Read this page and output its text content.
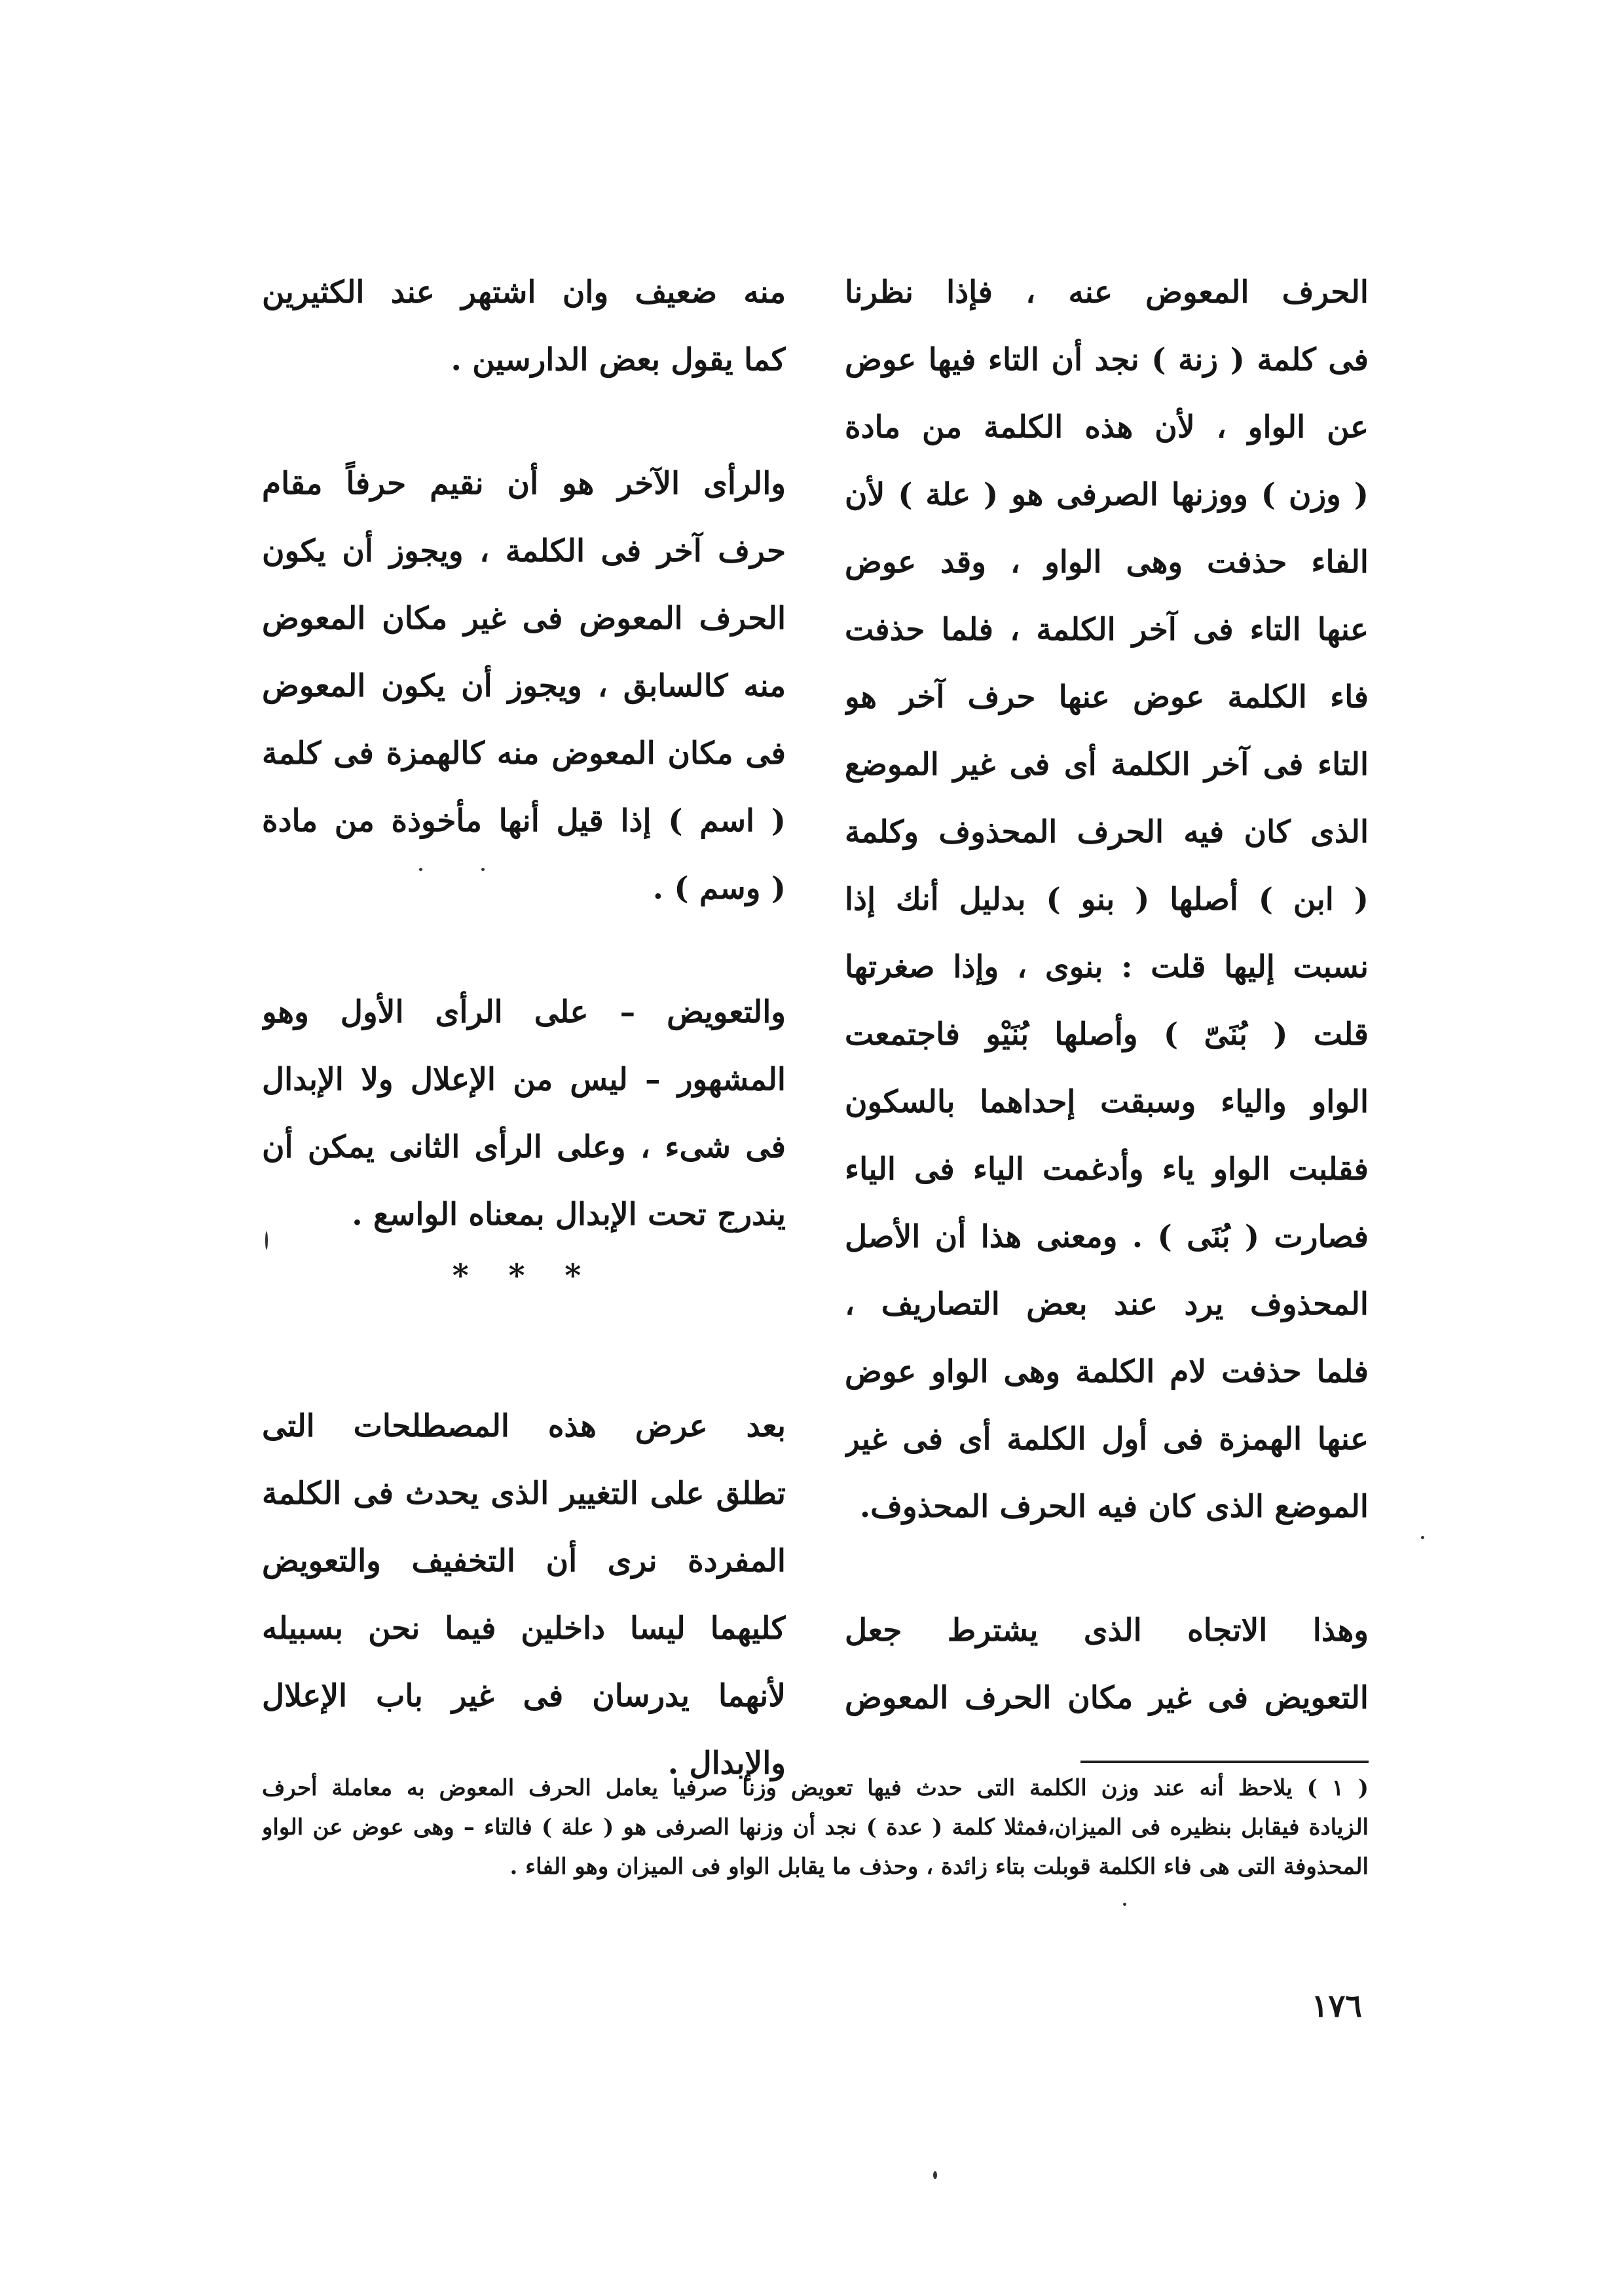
الحرف المعوض عنه ، فإذا نظرنا
فى كلمة ( زنة ) نجد أن التاء فيها عوض
عن الواو ، لأن هذه الكلمة من مادة
( وزن ) ووزنها الصرفى هو ( علة ) لأن
الفاء حذفت وهى الواو ، وقد عوض
عنها التاء فى آخر الكلمة ، فلما حذفت
فاء الكلمة عوض عنها حرف آخر هو
التاء فى آخر الكلمة أى فى غير الموضع
الذى كان فيه الحرف المحذوف وكلمة
( ابن ) أصلها ( بنو ) بدليل أنك إذا
نسبت إليها قلت : بنوى ، وإذا صغرتها
قلت ( بُنَىّ ) وأصلها بُنَيْو فاجتمعت
الواو والياء وسبقت إحداهما بالسكون
فقلبت الواو ياء وأدغمت الياء فى الياء
فصارت ( بُنَى ) . ومعنى هذا أن الأصل
المحذوف يرد عند بعض التصاريف ،
فلما حذفت لام الكلمة وهى الواو عوض
عنها الهمزة فى أول الكلمة أى فى غير
الموضع الذى كان فيه الحرف المحذوف.
وهذا الاتجاه الذى يشترط جعل
التعويض فى غير مكان الحرف المعوض
منه ضعيف وان اشتهر عند الكثيرين
كما يقول بعض الدارسين .
والرأى الآخر هو أن نقيم حرفاً مقام
حرف آخر فى الكلمة ، ويجوز أن يكون
الحرف المعوض فى غير مكان المعوض
منه كالسابق ، ويجوز أن يكون المعوض
فى مكان المعوض منه كالهمزة فى كلمة
( اسم ) إذا قيل أنها مأخوذة من مادة
( وسم ) .
والتعويض – على الرأى الأول وهو
المشهور – ليس من الإعلال ولا الإبدال
فى شىء ، وعلى الرأى الثانى يمكن أن
يندرج تحت الإبدال بمعناه الواسع .
بعد عرض هذه المصطلحات التى
تطلق على التغيير الذى يحدث فى الكلمة
المفردة نرى أن التخفيف والتعويض
كليهما ليسا داخلين فيما نحن بسبيله
لأنهما يدرسان فى غير باب الإعلال
والإبدال .
* * *
( ١ ) يلاحظ أنه عند وزن الكلمة التى حدث فيها تعويض وزنا صرفيا يعامل الحرف المعوض به معاملة أحرف
الزيادة فيقابل بنظيره فى الميزان،فمثلا كلمة ( عدة ) نجد أن وزنها الصرفى هو ( علة ) فالتاء – وهى عوض عن الواو
المحذوفة التى هى فاء الكلمة قوبلت بتاء زائدة ، وحذف ما يقابل الواو فى الميزان وهو الفاء .
١٧٦
